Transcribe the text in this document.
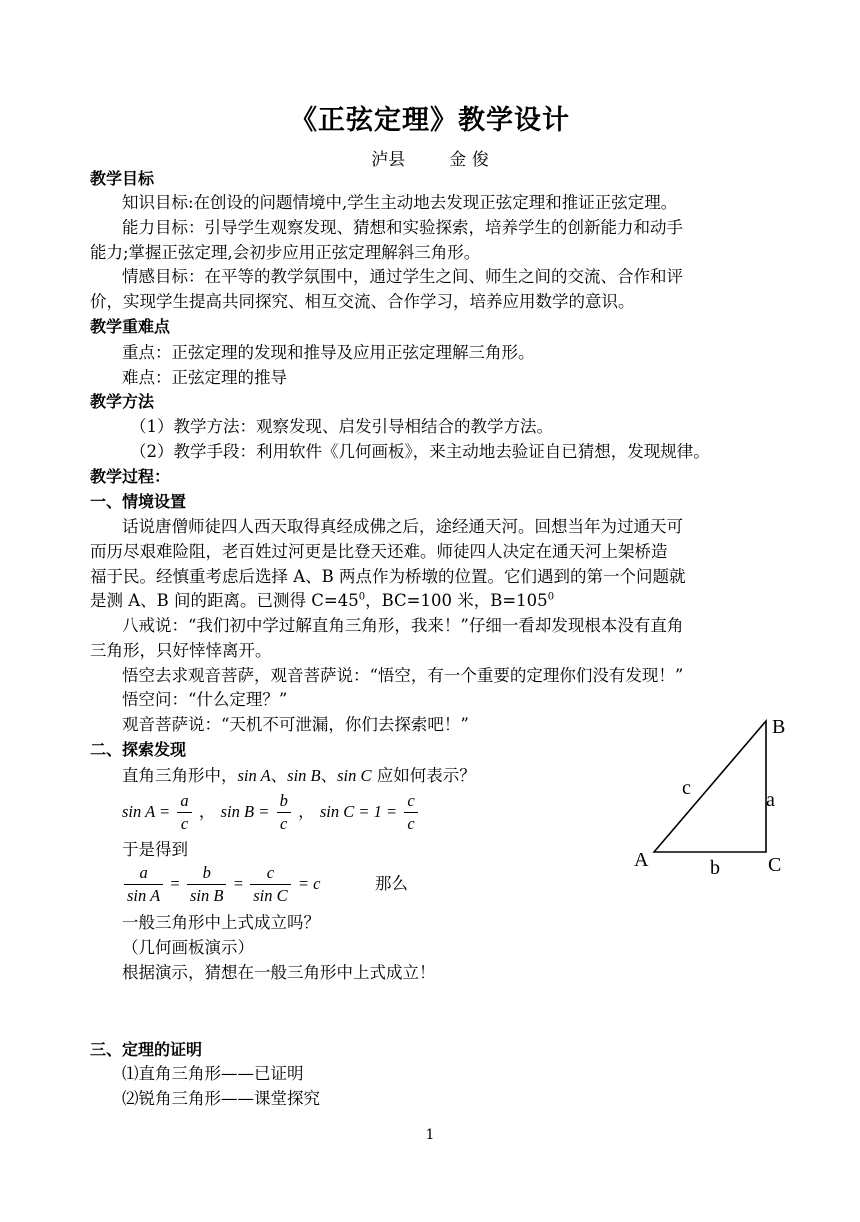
《正弦定理》教学设计
泸县	金 俊
教学目标
知识目标:在创设的问题情境中,学生主动地去发现正弦定理和推证正弦定理。
能力目标：引导学生观察发现、猜想和实验探索，培养学生的创新能力和动手
能力;掌握正弦定理,会初步应用正弦定理解斜三角形。
情感目标：在平等的教学氛围中，通过学生之间、师生之间的交流、合作和评
价，实现学生提高共同探究、相互交流、合作学习，培养应用数学的意识。
教学重难点
重点：正弦定理的发现和推导及应用正弦定理解三角形。
难点：正弦定理的推导
教学方法
（1）教学方法：观察发现、启发引导相结合的教学方法。
（2）教学手段：利用软件《几何画板》，来主动地去验证自已猜想，发现规律。
教学过程：
一、情境设置
话说唐僧师徒四人西天取得真经成佛之后，途经通天河。回想当年为过通天可
而历尽艰难险阻，老百姓过河更是比登天还难。师徒四人决定在通天河上架桥造
福于民。经慎重考虑后选择 A、B 两点作为桥墩的位置。它们遇到的第一个问题就
是测 A、B 间的距离。已测得 $C=45^0$，BC=100 米，$B=105^0$
八戒说：“我们初中学过解直角三角形，我来！”仔细一看却发现根本没有直角
三角形，只好悻悻离开。
悟空去求观音菩萨，观音菩萨说：“悟空，有一个重要的定理你们没有发现！”
悟空问：“什么定理？”
观音菩萨说：“天机不可泄漏，你们去探索吧！”
二、探索发现
直角三角形中，sin A、sin B、sin C 应如何表示？
$\sin A = \frac{a}{c}$ ， $\sin B = \frac{b}{c}$ ， $\sin C = 1 = \frac{c}{c}$
于是得到
$\frac{a}{\text{sin A}} = \frac{b}{\text{sin B}} = \frac{c}{\text{sin C}} = c$	那么
一般三角形中上式成立吗？
（几何画板演示）
根据演示，猜想在一般三角形中上式成立！
三、定理的证明
⑴直角三角形——已证明
⑵锐角三角形——课堂探究
B
A	C
c
a
b
1
